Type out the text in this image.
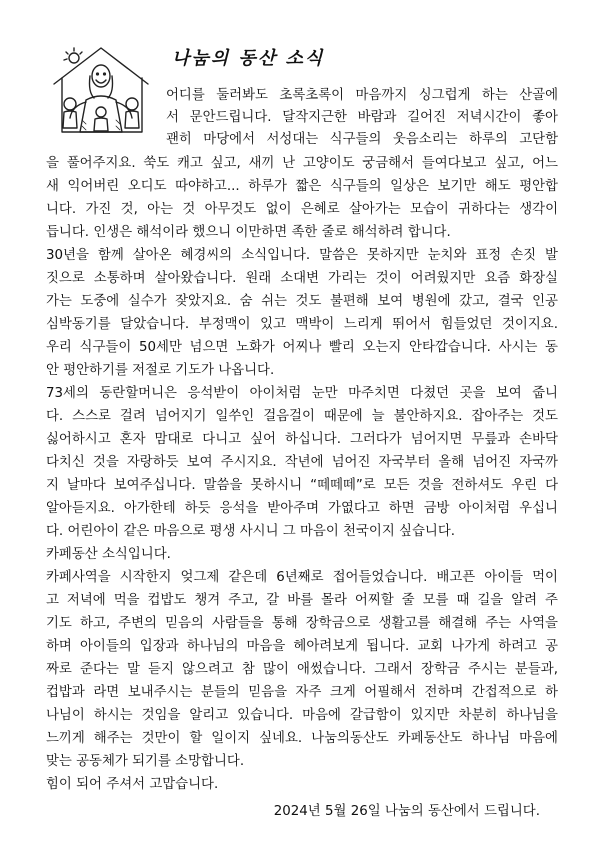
나눔의 동산 소식
어디를 둘러봐도 초록초록이 마음까지 싱그럽게 하는 산골에
서 문안드립니다. 달작지근한 바람과 길어진 저녁시간이 좋아
괜히 마당에서 서성대는 식구들의 웃음소리는 하루의 고단함
을 풀어주지요. 쑥도 캐고 싶고, 새끼 난 고양이도 궁금해서 들여다보고 싶고, 어느
새 익어버린 오디도 따야하고... 하루가 짧은 식구들의 일상은 보기만 해도 평안합
니다. 가진 것, 아는 것 아무것도 없이 은혜로 살아가는 모습이 귀하다는 생각이
듭니다. 인생은 해석이라 했으니 이만하면 족한 줄로 해석하려 합니다.
30년을 함께 살아온 혜경씨의 소식입니다. 말씀은 못하지만 눈치와 표정 손짓 발
짓으로 소통하며 살아왔습니다. 원래 소대변 가리는 것이 어려웠지만 요즘 화장실
가는 도중에 실수가 잦았지요. 숨 쉬는 것도 불편해 보여 병원에 갔고, 결국 인공
심박동기를 달았습니다. 부정맥이 있고 맥박이 느리게 뛰어서 힘들었던 것이지요.
우리 식구들이 50세만 넘으면 노화가 어찌나 빨리 오는지 안타깝습니다. 사시는 동
안 평안하기를 저절로 기도가 나옵니다.
73세의 동란할머니은 응석받이 아이처럼 눈만 마주치면 다쳤던 곳을 보여 줍니
다. 스스로 걸려 넘어지기 일쑤인 걸음걸이 때문에 늘 불안하지요. 잡아주는 것도
싫어하시고 혼자 맘대로 다니고 싶어 하십니다. 그러다가 넘어지면 무릎과 손바닥
다치신 것을 자랑하듯 보여 주시지요. 작년에 넘어진 자국부터 올해 넘어진 자국까
지 날마다 보여주십니다. 말씀을 못하시니 “떼떼떼”로 모든 것을 전하셔도 우린 다
알아듣지요. 아가한테 하듯 응석을 받아주며 가엾다고 하면 금방 아이처럼 우십니
다. 어린아이 같은 마음으로 평생 사시니 그 마음이 천국이지 싶습니다.
카페동산 소식입니다.
카페사역을 시작한지 엊그제 같은데 6년째로 접어들었습니다. 배고픈 아이들 먹이
고 저녁에 먹을 컵밥도 챙겨 주고, 갈 바를 몰라 어찌할 줄 모를 때 길을 알려 주
기도 하고, 주변의 믿음의 사람들을 통해 장학금으로 생활고를 해결해 주는 사역을
하며 아이들의 입장과 하나님의 마음을 헤아려보게 됩니다. 교회 나가게 하려고 공
짜로 준다는 말 듣지 않으려고 참 많이 애썼습니다. 그래서 장학금 주시는 분들과,
컵밥과 라면 보내주시는 분들의 믿음을 자주 크게 어필해서 전하며 간접적으로 하
나님이 하시는 것임을 알리고 있습니다. 마음에 갈급함이 있지만 차분히 하나님을
느끼게 해주는 것만이 할 일이지 싶네요. 나눔의동산도 카페동산도 하나님 마음에
맞는 공동체가 되기를 소망합니다.
힘이 되어 주셔서 고맙습니다.
2024년 5월 26일 나눔의 동산에서 드립니다.
